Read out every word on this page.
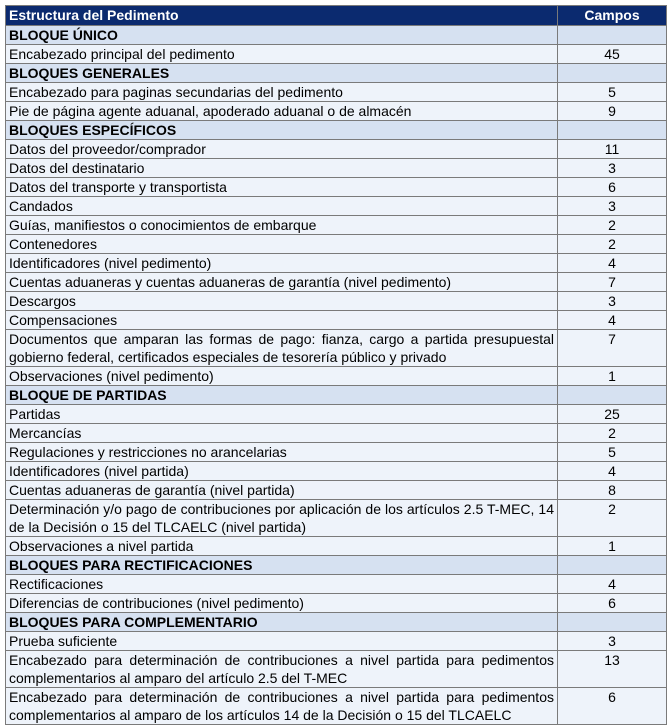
Estructura del Pedimento	Campos
BLOQUE ÚNICO	
Encabezado principal del pedimento	45
BLOQUES GENERALES	
Encabezado para paginas secundarias del pedimento	5
Pie de página agente aduanal, apoderado aduanal o de almacén	9
BLOQUES ESPECÍFICOS	
Datos del proveedor/comprador	11
Datos del destinatario	3
Datos del transporte y transportista	6
Candados	3
Guías, manifiestos o conocimientos de embarque	2
Contenedores	2
Identificadores (nivel pedimento)	4
Cuentas aduaneras y cuentas aduaneras de garantía (nivel pedimento)	7
Descargos	3
Compensaciones	4
Documentos que amparan las formas de pago: fianza, cargo a partida presupuestal gobierno federal, certificados especiales de tesorería público y privado	7
Observaciones (nivel pedimento)	1
BLOQUE DE PARTIDAS	
Partidas	25
Mercancías	2
Regulaciones y restricciones no arancelarias	5
Identificadores (nivel partida)	4
Cuentas aduaneras de garantía (nivel partida)	8
Determinación y/o pago de contribuciones por aplicación de los artículos 2.5 T-MEC, 14 de la Decisión o 15 del TLCAELC (nivel partida)	2
Observaciones a nivel partida	1
BLOQUES PARA RECTIFICACIONES	
Rectificaciones	4
Diferencias de contribuciones (nivel pedimento)	6
BLOQUES PARA COMPLEMENTARIO	
Prueba suficiente	3
Encabezado para determinación de contribuciones a nivel partida para pedimentos complementarios al amparo del artículo 2.5 del T-MEC	13
Encabezado para determinación de contribuciones a nivel partida para pedimentos complementarios al amparo de los artículos 14 de la Decisión o 15 del TLCAELC	6
